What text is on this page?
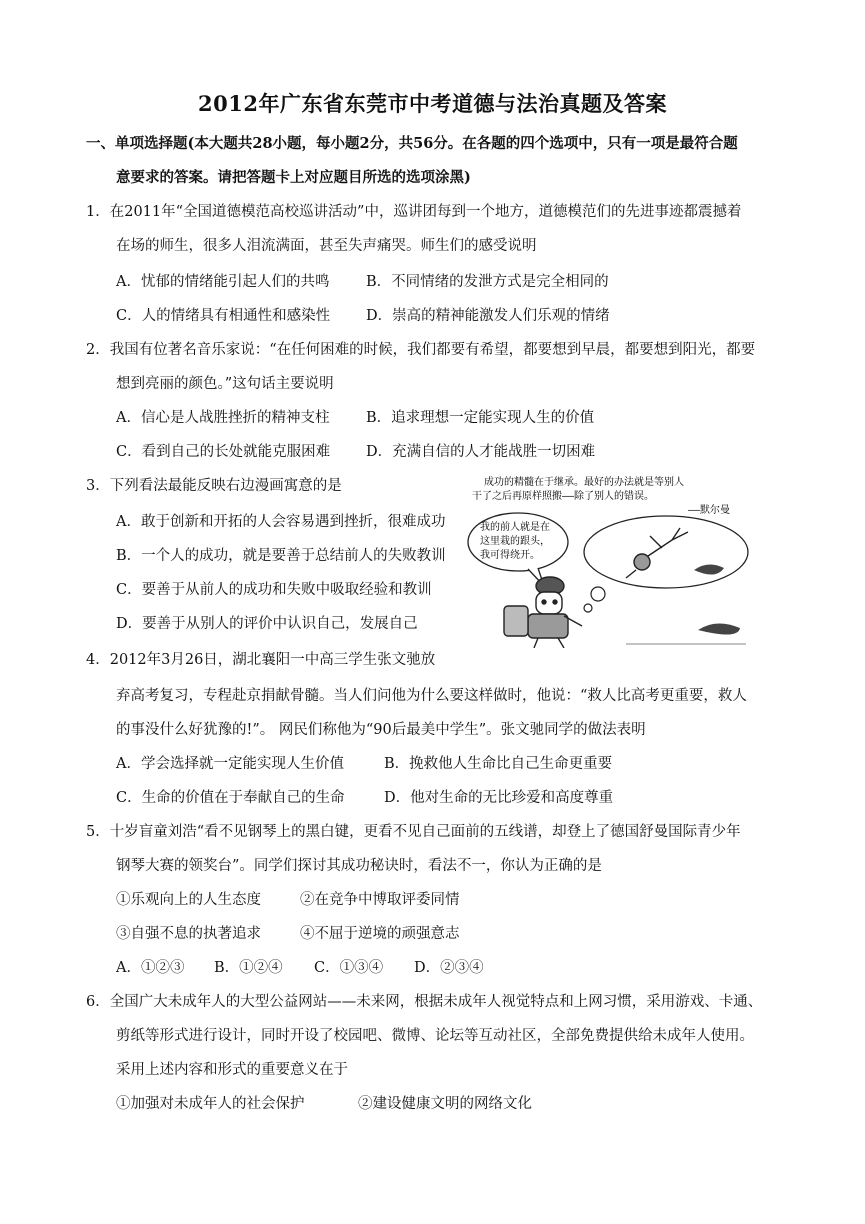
2012年广东省东莞市中考道德与法治真题及答案
一、单项选择题(本大题共28小题，每小题2分，共56分。在各题的四个选项中，只有一项是最符合题
意要求的答案。请把答题卡上对应题目所选的选项涂黑)
1．在2011年“全国道德模范高校巡讲活动”中，巡讲团每到一个地方，道德模范们的先进事迹都震撼着
在场的师生，很多人泪流满面，甚至失声痛哭。师生们的感受说明
A．忧郁的情绪能引起人们的共鸣	B．不同情绪的发泄方式是完全相同的
C．人的情绪具有相通性和感染性 D．崇高的精神能激发人们乐观的情绪
2．我国有位著名音乐家说：“在任何困难的时候，我们都要有希望，都要想到早晨，都要想到阳光，都要
想到亮丽的颜色。”这句话主要说明
A．信心是人战胜挫折的精神支柱	B．追求理想一定能实现人生的价值
C．看到自己的长处就能克服困难 D．充满自信的人才能战胜一切困难
3．下列看法最能反映右边漫画寓意的是
A．敢于创新和开拓的人会容易遇到挫折，很难成功
B．一个人的成功，就是要善于总结前人的失败教训
C．要善于从前人的成功和失败中吸取经验和教训
D．要善于从别人的评价中认识自己，发展自己
成功的精髓在于继承。最好的办法就是等别人
干了之后再原样照搬——除了别人的错误。
——默尔曼
我的前人就是在
这里栽的跟头，
我可得绕开。
4．2012年3月26日，湖北襄阳一中高三学生张文驰放
弃高考复习，专程赴京捐献骨髓。当人们问他为什么要这样做时，他说：“救人比高考更重要，救人
的事没什么好犹豫的!”。 网民们称他为“90后最美中学生”。张文驰同学的做法表明
A．学会选择就一定能实现人生价值	B．挽救他人生命比自己生命更重要
C．生命的价值在于奉献自己的生命	D．他对生命的无比珍爱和高度尊重
5．十岁盲童刘浩“看不见钢琴上的黑白键，更看不见自己面前的五线谱，却登上了德国舒曼国际青少年
钢琴大赛的领奖台”。同学们探讨其成功秘诀时，看法不一，你认为正确的是
①乐观向上的人生态度	②在竞争中博取评委同情
③自强不息的执著追求	④不屈于逆境的顽强意志
A．①②③ B．①②④ C．①③④ D．②③④
6．全国广大未成年人的大型公益网站——未来网，根据未成年人视觉特点和上网习惯，采用游戏、卡通、
剪纸等形式进行设计，同时开设了校园吧、微博、论坛等互动社区，全部免费提供给未成年人使用。
采用上述内容和形式的重要意义在于
①加强对未成年人的社会保护	②建设健康文明的网络文化
